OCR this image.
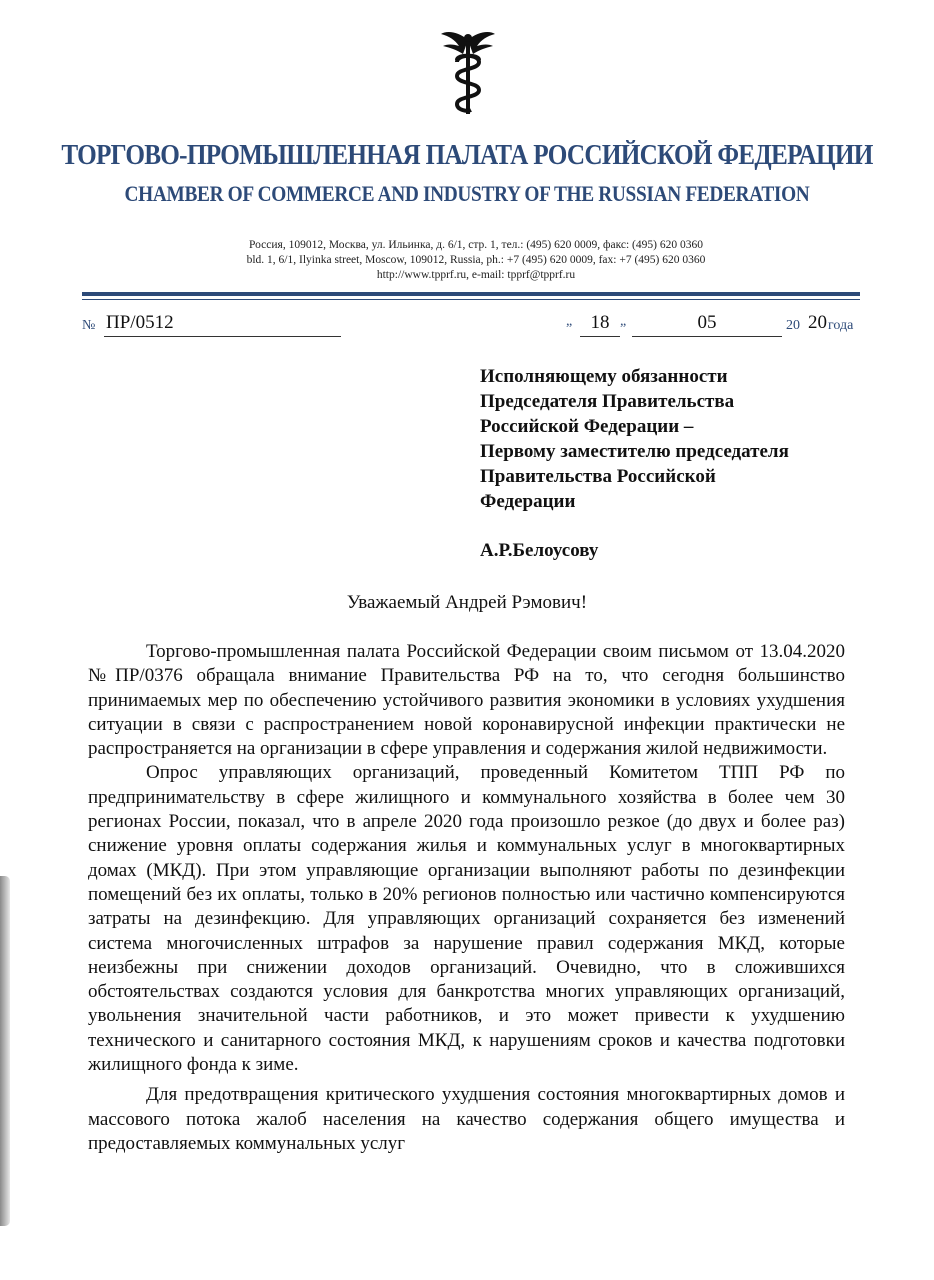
ТОРГОВО-ПРОМЫШЛЕННАЯ ПАЛАТА РОССИЙСКОЙ ФЕДЕРАЦИИ
CHAMBER OF COMMERCE AND INDUSTRY OF THE RUSSIAN FEDERATION
Россия, 109012, Москва, ул. Ильинка, д. 6/1, стр. 1, тел.: (495) 620 0009, факс: (495) 620 0360
bld. 1, 6/1, Ilyinka street, Moscow, 109012, Russia, ph.: +7 (495) 620 0009, fax: +7 (495) 620 0360
http://www.tpprf.ru, e-mail: tpprf@tpprf.ru
№ ПР/0512	„ 18 „	05	20 20 года
Исполняющему обязанности
Председателя Правительства
Российской Федерации –
Первому заместителю председателя
Правительства Российской
Федерации
А.Р.Белоусову
Уважаемый Андрей Рэмович!

Торгово-промышленная палата Российской Федерации своим письмом от 13.04.2020 №ПР/0376 обращала внимание Правительства РФ на то, что сегодня большинство принимаемых мер по обеспечению устойчивого развития экономики в условиях ухудшения ситуации в связи с распространением новой коронавирусной инфекции практически не распространяется на организации в сфере управления и содержания жилой недвижимости.

Опрос управляющих организаций, проведенный Комитетом ТПП РФ по предпринимательству в сфере жилищного и коммунального хозяйства в более чем 30 регионах России, показал, что в апреле 2020 года произошло резкое (до двух и более раз) снижение уровня оплаты содержания жилья и коммунальных услуг в многоквартирных домах (МКД). При этом управляющие организации выполняют работы по дезинфекции помещений без их оплаты, только в 20% регионов полностью или частично компенсируются затраты на дезинфекцию. Для управляющих организаций сохраняется без изменений система многочисленных штрафов за нарушение правил содержания МКД, которые неизбежны при снижении доходов организаций. Очевидно, что в сложившихся обстоятельствах создаются условия для банкротства многих управляющих организаций, увольнения значительной части работников, и это может привести к ухудшению технического и санитарного состояния МКД, к нарушениям сроков и качества подготовки жилищного фонда к зиме.

Для предотвращения критического ухудшения состояния многоквартирных домов и массового потока жалоб населения на качество содержания общего имущества и предоставляемых коммунальных услуг
